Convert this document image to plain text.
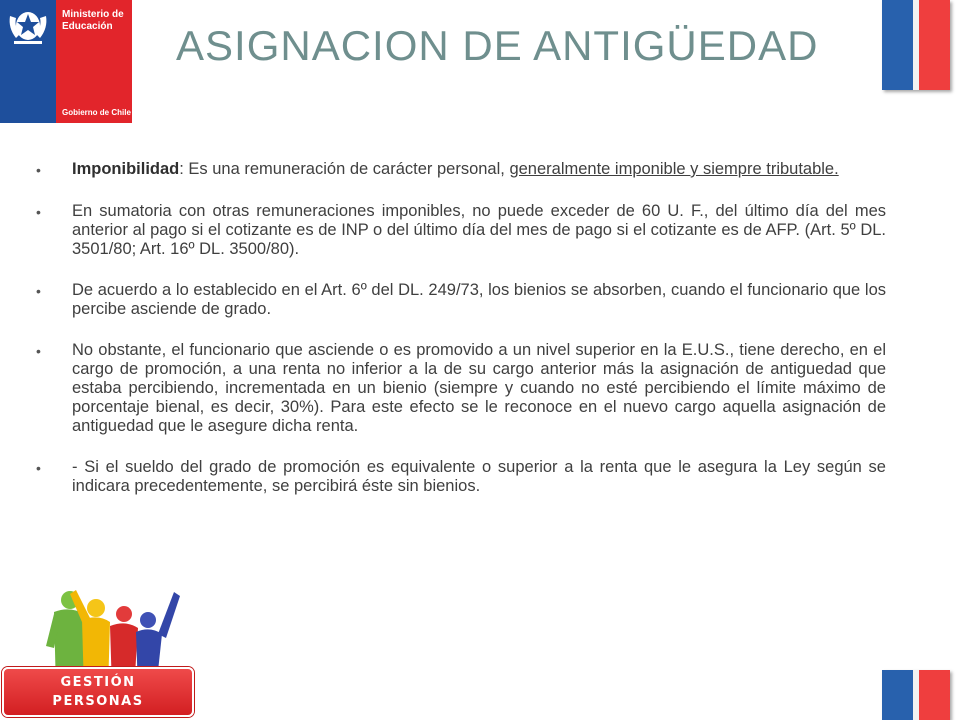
Ministerio de Educación
Gobierno de Chile
ASIGNACION DE ANTIGÜEDAD
•	Imponibilidad: Es una remuneración de carácter personal, generalmente imponible y siempre tributable.
•	En sumatoria con otras remuneraciones imponibles, no puede exceder de 60 U. F., del último día del mes anterior al pago si el cotizante es de INP o del último día del mes de pago si el cotizante es de AFP. (Art. 5º DL. 3501/80; Art. 16º DL. 3500/80).
•	De acuerdo a lo establecido en el Art. 6º del DL. 249/73, los bienios se absorben, cuando el funcionario que los percibe asciende de grado.
•	No obstante, el funcionario que asciende o es promovido a un nivel superior en la E.U.S., tiene derecho, en el cargo de promoción, a una renta no inferior a la de su cargo anterior más la asignación de antiguedad que estaba percibiendo, incrementada en un bienio (siempre y cuando no esté percibiendo el límite máximo de porcentaje bienal, es decir, 30%). Para este efecto se le reconoce en el nuevo cargo aquella asignación de antiguedad que le asegure dicha renta.
•	- Si el sueldo del grado de promoción es equivalente o superior a la renta que le asegura la Ley según se indicara precedentemente, se percibirá éste sin bienios.
GESTIÓN
PERSONAS
